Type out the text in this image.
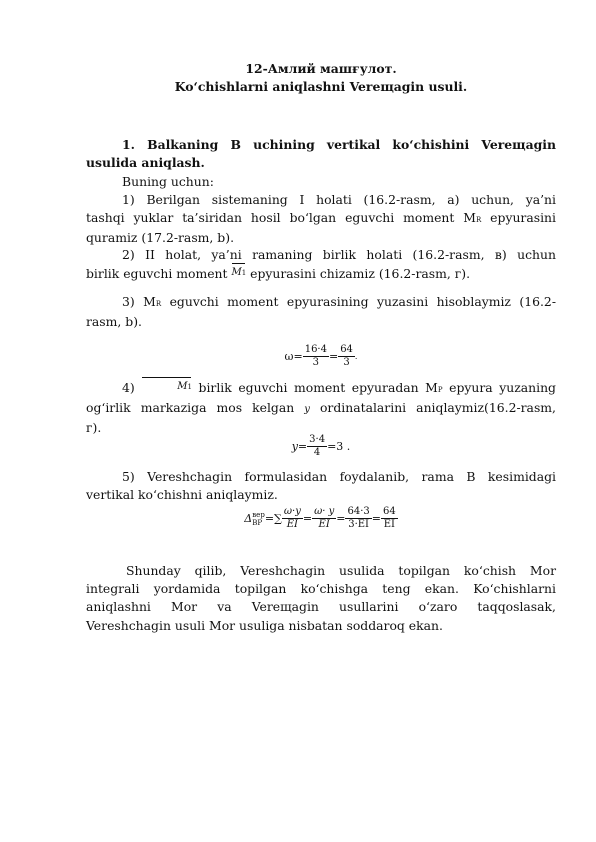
12-Амлий машғулот.
Ko‘chishlarni aniqlashni Vereщagin usuli.
1. Balkaning B uchining vertikal ko‘chishini Vereщagin
usulida aniqlash.
Buning uchun:
1) Berilgan sistemaning I holati (16.2-rasm, a) uchun, ya’ni
tashqi yuklar ta’siridan hosil bo‘lgan eguvchi moment MR epyurasini
quramiz (17.2-rasm, b).
2) II holat, ya’ni ramaning birlik holati (16.2-rasm, в) uchun
birlik eguvchi moment M1 epyurasini chizamiz (16.2-rasm, г).
3) MR eguvchi moment epyurasining yuzasini hisoblaymiz (16.2-
rasm, b).
$\omega= \frac{16\cdot 4}{3} = \frac{64}{3}$ .
4)	M1 birlik eguvchi moment epyuradan MP epyura yuzaning
og‘irlik markaziga mos kelgan y ordinatalarini aniqlaymiz(16.2-rasm,
г).
$y= \frac{3\cdot 4}{4} =3$ .
5) Vereshchagin formulasidan foydalanib, rama B kesimidagi
vertikal ko‘chishni aniqlaymiz.
Δ вер
BP =∑ $\frac{\omega\cdot y}{EI} = \frac{\omega\cdot y}{EI} = \frac{64\cdot 3}{3\cdot EI} = \frac{64}{EI}$
Shunday qilib, Vereshchagin usulida topilgan ko‘chish Mor
integrali yordamida topilgan ko‘chishga teng ekan. Ko‘chishlarni
aniqlashni Mor va Vereщagin usullarini o‘zaro taqqoslasak,
Vereshchagin usuli Mor usuliga nisbatan soddaroq ekan.
